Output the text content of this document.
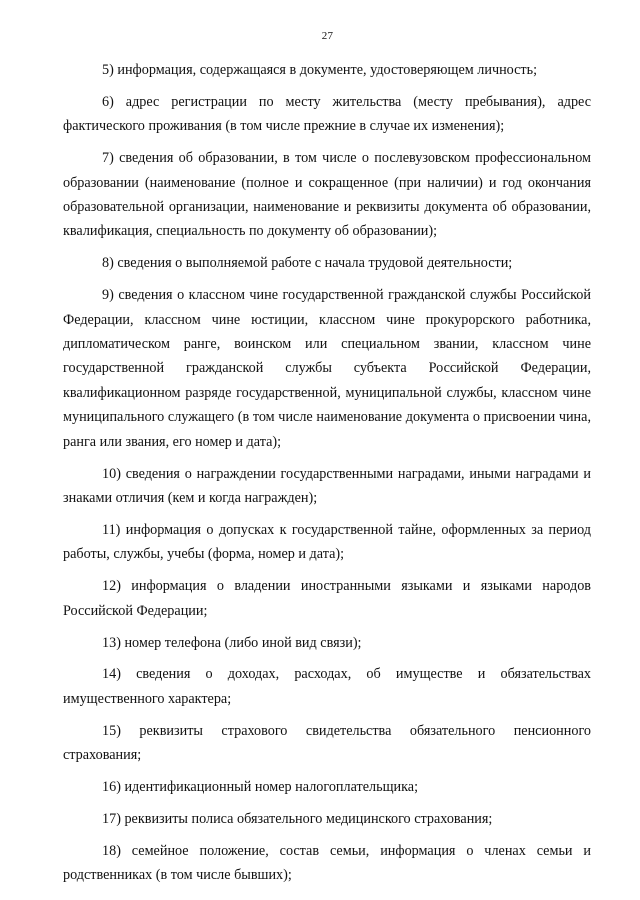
27

5) информация, содержащаяся в документе, удостоверяющем личность;

6) адрес регистрации по месту жительства (месту пребывания), адрес фактического проживания (в том числе прежние в случае их изменения);

7) сведения об образовании, в том числе о послевузовском профессиональном образовании (наименование (полное и сокращенное (при наличии) и год окончания образовательной организации, наименование и реквизиты документа об образовании, квалификация, специальность по документу об образовании);

8) сведения о выполняемой работе с начала трудовой деятельности;

9) сведения о классном чине государственной гражданской службы Российской Федерации, классном чине юстиции, классном чине прокурорского работника, дипломатическом ранге, воинском или специальном звании, классном чине государственной гражданской службы субъекта Российской Федерации, квалификационном разряде государственной, муниципальной службы, классном чине муниципального служащего (в том числе наименование документа о присвоении чина, ранга или звания, его номер и дата);

10) сведения о награждении государственными наградами, иными наградами и знаками отличия (кем и когда награжден);

11) информация о допусках к государственной тайне, оформленных за период работы, службы, учебы (форма, номер и дата);

12) информация о владении иностранными языками и языками народов Российской Федерации;

13) номер телефона (либо иной вид связи);

14) сведения о доходах, расходах, об имуществе и обязательствах имущественного характера;

15) реквизиты страхового свидетельства обязательного пенсионного страхования;

16) идентификационный номер налогоплательщика;

17) реквизиты полиса обязательного медицинского страхования;

18) семейное положение, состав семьи, информация о членах семьи и родственниках (в том числе бывших);
